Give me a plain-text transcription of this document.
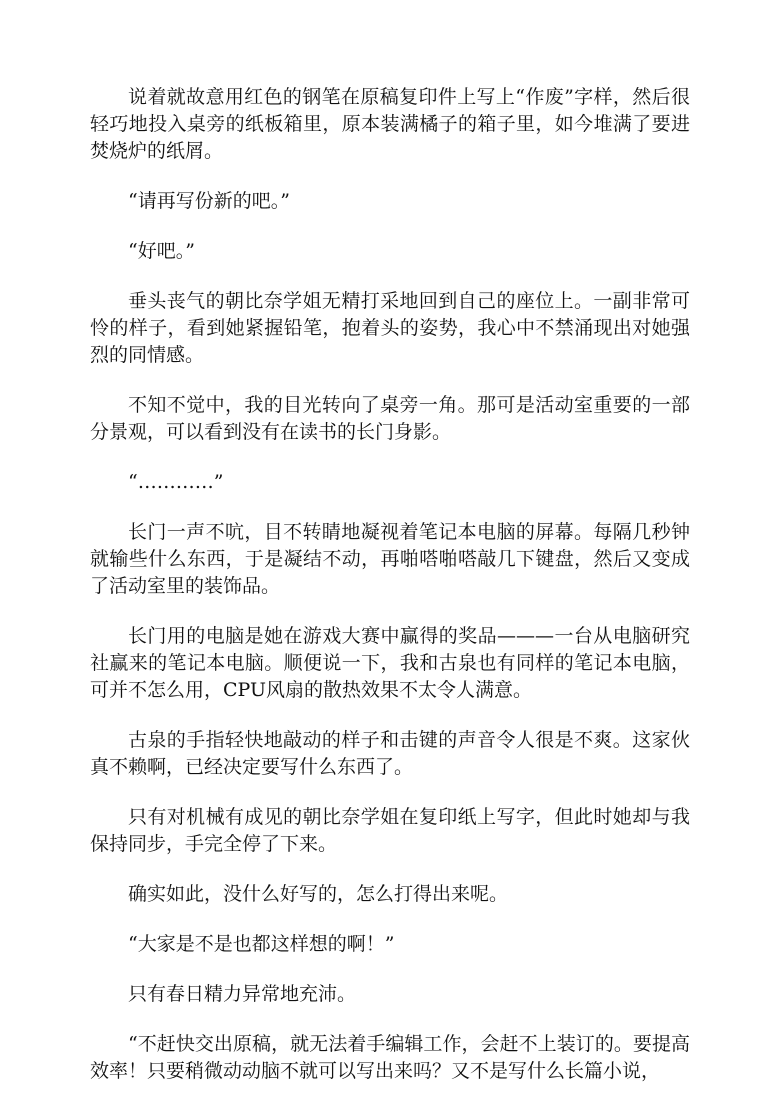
说着就故意用红色的钢笔在原稿复印件上写上“作废”字样，然后很轻巧地投入桌旁的纸板箱里，原本装满橘子的箱子里，如今堆满了要进焚烧炉的纸屑。

“请再写份新的吧。”

“好吧。”

垂头丧气的朝比奈学姐无精打采地回到自己的座位上。一副非常可怜的样子，看到她紧握铅笔，抱着头的姿势，我心中不禁涌现出对她强烈的同情感。

不知不觉中，我的目光转向了桌旁一角。那可是活动室重要的一部分景观，可以看到没有在读书的长门身影。

“…………”

长门一声不吭，目不转睛地凝视着笔记本电脑的屏幕。每隔几秒钟就输些什么东西，于是凝结不动，再啪嗒啪嗒敲几下键盘，然后又变成了活动室里的装饰品。

长门用的电脑是她在游戏大赛中赢得的奖品———一台从电脑研究社赢来的笔记本电脑。顺便说一下，我和古泉也有同样的笔记本电脑，可并不怎么用，CPU风扇的散热效果不太令人满意。

古泉的手指轻快地敲动的样子和击键的声音令人很是不爽。这家伙真不赖啊，已经决定要写什么东西了。

只有对机械有成见的朝比奈学姐在复印纸上写字，但此时她却与我保持同步，手完全停了下来。

确实如此，没什么好写的，怎么打得出来呢。

“大家是不是也都这样想的啊！”

只有春日精力异常地充沛。

“不赶快交出原稿，就无法着手编辑工作，会赶不上装订的。要提高效率！只要稍微动动脑不就可以写出来吗？又不是写什么长篇小说，
